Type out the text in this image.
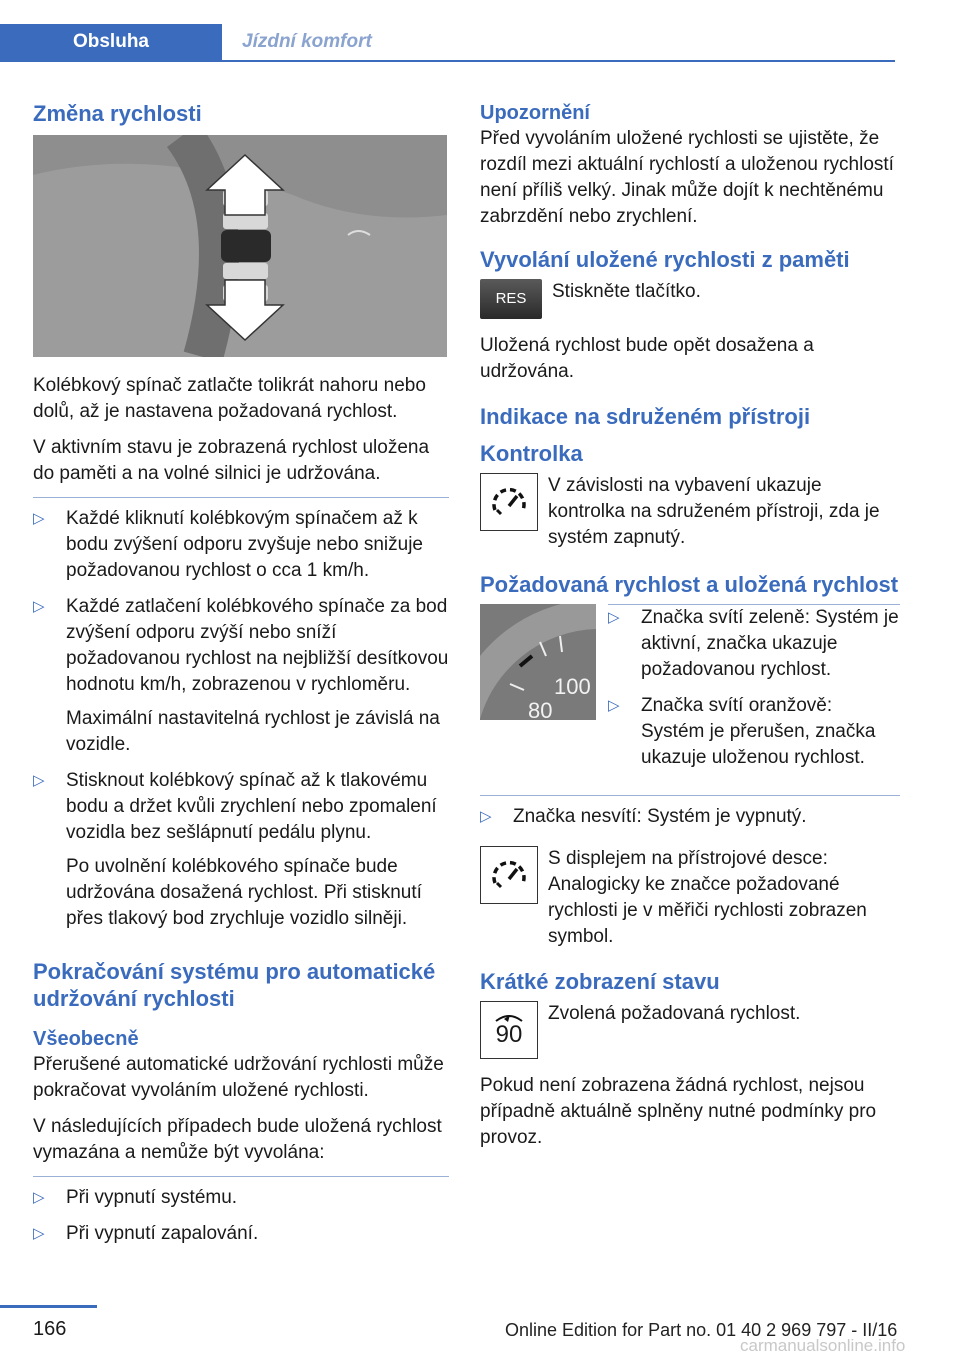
Obsluha	Jízdní komfort
Změna rychlosti

Kolébkový spínač zatlačte tolikrát nahoru nebo dolů, až je nastavena požadovaná rychlost.

V aktivním stavu je zobrazená rychlost uložena do paměti a na volné silnici je udržována.

▷ Každé kliknutí kolébkovým spínačem až k bodu zvýšení odporu zvyšuje nebo snižuje požadovanou rychlost o cca 1 km/h.
▷ Každé zatlačení kolébkového spínače za bod zvýšení odporu zvýší nebo sníží požadovanou rychlost na nejbližší desítkovou hodnotu km/h, zobrazenou v rychloměru.
Maximální nastavitelná rychlost je závislá na vozidle.
▷ Stisknout kolébkový spínač až k tlakovému bodu a držet kvůli zrychlení nebo zpomalení vozidla bez sešlápnutí pedálu plynu.
Po uvolnění kolébkového spínače bude udržována dosažená rychlost. Při stisknutí přes tlakový bod zrychluje vozidlo silněji.
Pokračování systému pro automatické udržování rychlosti
Všeobecně

Přerušené automatické udržování rychlosti může pokračovat vyvoláním uložené rychlosti.

V následujících případech bude uložená rychlost vymazána a nemůže být vyvolána:

▷ Při vypnutí systému.
▷ Při vypnutí zapalování.
Upozornění

Před vyvoláním uložené rychlosti se ujistěte, že rozdíl mezi aktuální rychlostí a uloženou rychlostí není příliš velký. Jinak může dojít k nechtěnému zabrzdění nebo zrychlení.

Vyvolání uložené rychlosti z paměti
RES	Stiskněte tlačítko.

Uložená rychlost bude opět dosažena a udržována.

Indikace na sdruženém přístroji
Kontrolka
V závislosti na vybavení ukazuje kontrolka na sdruženém přístroji, zda je systém zapnutý.
Požadovaná rychlost a uložená rychlost
100
80
▷ Značka svítí zeleně: Systém je aktivní, značka ukazuje požadovanou rychlost.
▷ Značka svítí oranžově: Systém je přerušen, značka ukazuje uloženou rychlost.
▷ Značka nesvítí: Systém je vypnutý.
S displejem na přístrojové desce: Analogicky ke značce požadované rychlosti je v měřiči rychlosti zobrazen symbol.
Krátké zobrazení stavu
90
Zvolená požadovaná rychlost.

Pokud není zobrazena žádná rychlost, nejsou případně aktuálně splněny nutné podmínky pro provoz.

166	Online Edition for Part no. 01 40 2 969 797 - II/16
carmanualsonline.info
